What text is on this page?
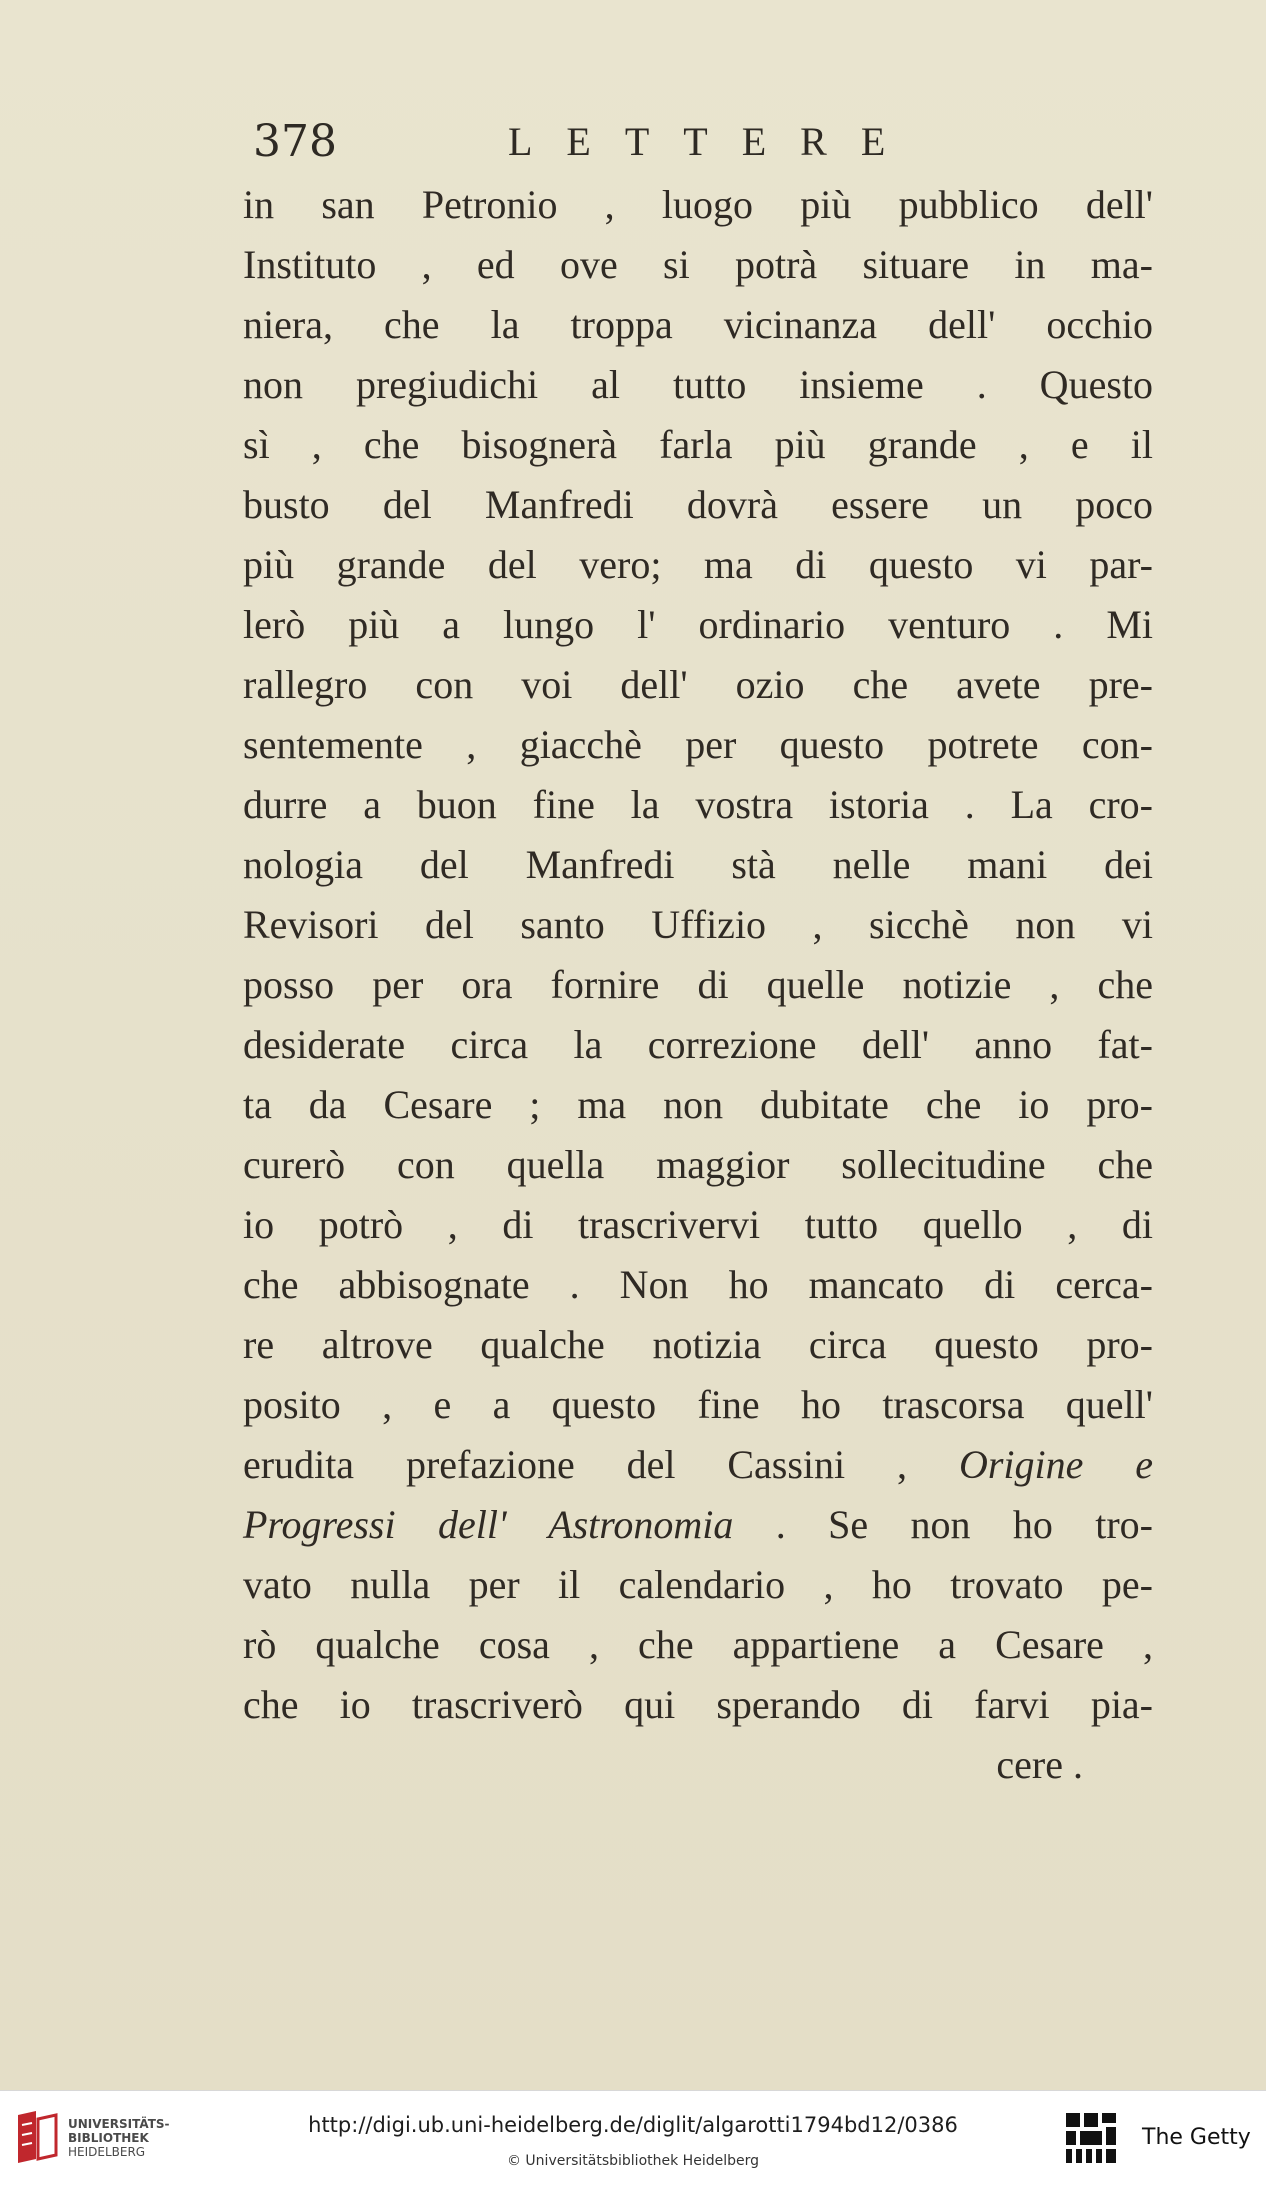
378	LETTERE
in san Petronio , luogo più pubblico dell'
Instituto , ed ove si potrà situare in ma-
niera, che la troppa vicinanza dell' occhio
non pregiudichi al tutto insieme . Questo
sì , che bisognerà farla più grande , e il
busto del Manfredi dovrà essere un poco
più grande del vero; ma di questo vi par-
lerò più a lungo l' ordinario venturo . Mi
rallegro con voi dell' ozio che avete pre-
sentemente , giacchè per questo potrete con-
durre a buon fine la vostra istoria . La cro-
nologia del Manfredi stà nelle mani dei
Revisori del santo Uffizio , sicchè non vi
posso per ora fornire di quelle notizie , che
desiderate circa la correzione dell' anno fat-
ta da Cesare ; ma non dubitate che io pro-
curerò con quella maggior sollecitudine che
io potrò , di trascrivervi tutto quello , di
che abbisognate . Non ho mancato di cerca-
re altrove qualche notizia circa questo pro-
posito , e a questo fine ho trascorsa quell'
erudita prefazione del Cassini , Origine e
Progressi dell' Astronomia . Se non ho tro-
vato nulla per il calendario , ho trovato pe-
rò qualche cosa , che appartiene a Cesare ,
che io trascriverò qui sperando di farvi pia-
cere .
UNIVERSITÄTS-
BIBLIOTHEK
HEIDELBERG
http://digi.ub.uni-heidelberg.de/diglit/algarotti1794bd12/0386
© Universitätsbibliothek Heidelberg
The Getty
